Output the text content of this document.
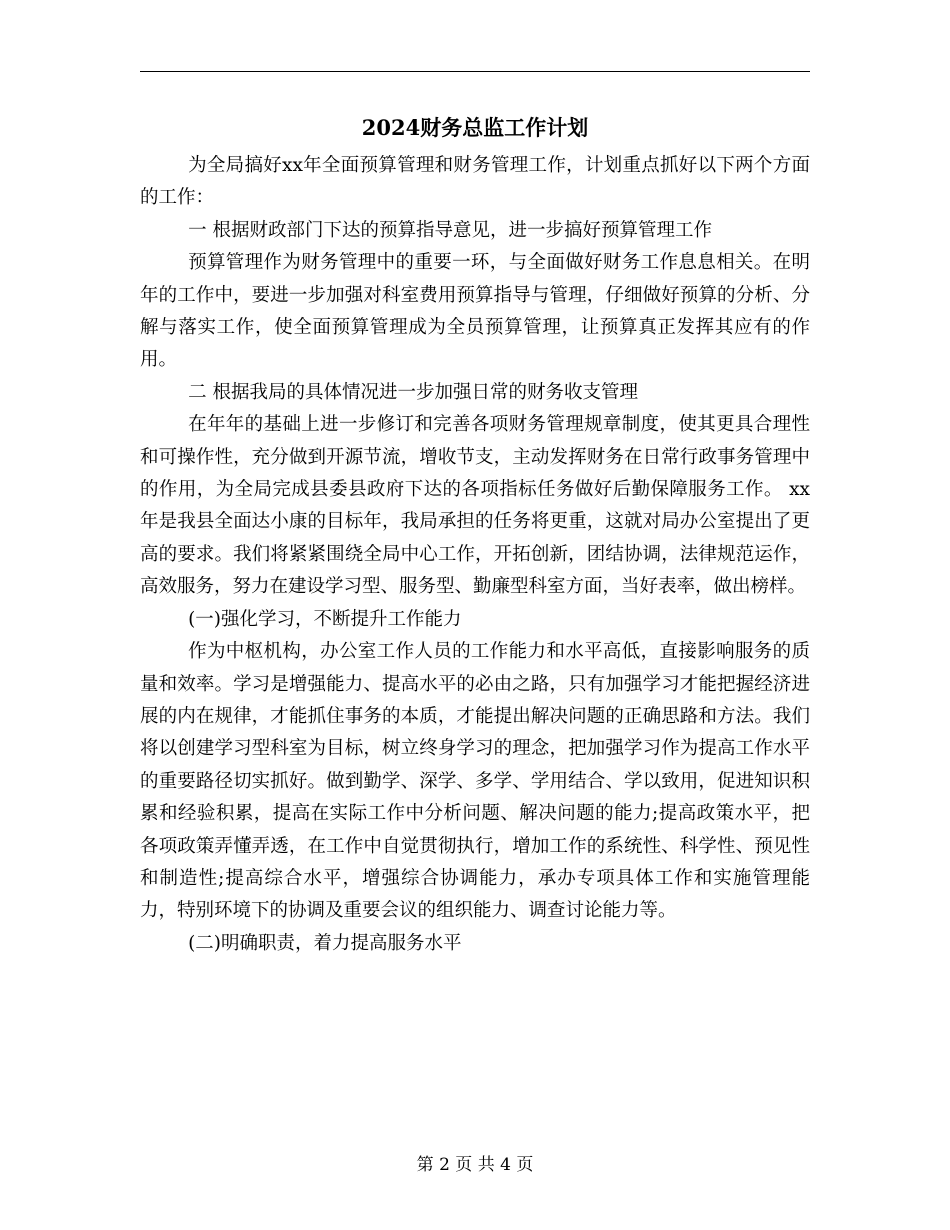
2024财务总监工作计划

为全局搞好xx年全面预算管理和财务管理工作，计划重点抓好以下两个方面的工作：

一 根据财政部门下达的预算指导意见，进一步搞好预算管理工作

预算管理作为财务管理中的重要一环，与全面做好财务工作息息相关。在明年的工作中，要进一步加强对科室费用预算指导与管理，仔细做好预算的分析、分解与落实工作，使全面预算管理成为全员预算管理，让预算真正发挥其应有的作用。

二 根据我局的具体情况进一步加强日常的财务收支管理

在年年的基础上进一步修订和完善各项财务管理规章制度，使其更具合理性和可操作性，充分做到开源节流，增收节支，主动发挥财务在日常行政事务管理中的作用，为全局完成县委县政府下达的各项指标任务做好后勤保障服务工作。 xx年是我县全面达小康的目标年，我局承担的任务将更重，这就对局办公室提出了更高的要求。我们将紧紧围绕全局中心工作，开拓创新，团结协调，法律规范运作，高效服务，努力在建设学习型、服务型、勤廉型科室方面，当好表率，做出榜样。

(一)强化学习，不断提升工作能力

作为中枢机构，办公室工作人员的工作能力和水平高低，直接影响服务的质量和效率。学习是增强能力、提高水平的必由之路，只有加强学习才能把握经济进展的内在规律，才能抓住事务的本质，才能提出解决问题的正确思路和方法。我们将以创建学习型科室为目标，树立终身学习的理念，把加强学习作为提高工作水平的重要路径切实抓好。做到勤学、深学、多学、学用结合、学以致用，促进知识积累和经验积累，提高在实际工作中分析问题、解决问题的能力;提高政策水平，把各项政策弄懂弄透，在工作中自觉贯彻执行，增加工作的系统性、科学性、预见性和制造性;提高综合水平，增强综合协调能力，承办专项具体工作和实施管理能力，特别环境下的协调及重要会议的组织能力、调查讨论能力等。

(二)明确职责，着力提高服务水平

第 2 页 共 4 页
